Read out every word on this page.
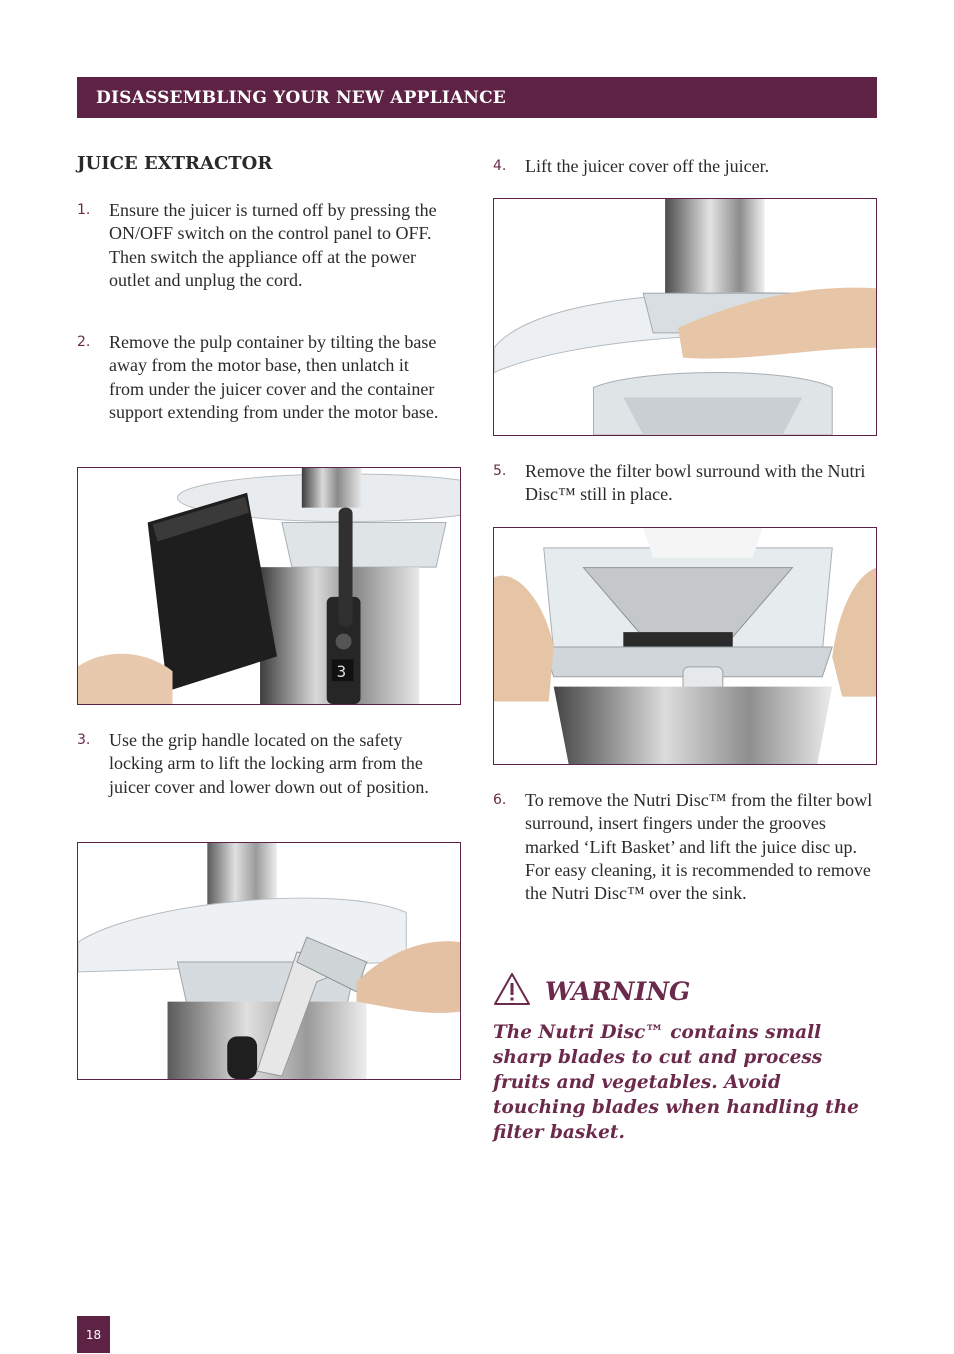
DISASSEMBLING YOUR NEW APPLIANCE
JUICE EXTRACTOR
1. Ensure the juicer is turned off by pressing the ON/OFF switch on the control panel to OFF. Then switch the appliance off at the power outlet and unplug the cord.
2. Remove the pulp container by tilting the base away from the motor base, then unlatch it from under the juicer cover and the container support extending from under the motor base.
3
3. Use the grip handle located on the safety locking arm to lift the locking arm from the juicer cover and lower down out of position.
4. Lift the juicer cover off the juicer.
5. Remove the filter bowl surround with the Nutri Disc™ still in place.
6. To remove the Nutri Disc™ from the filter bowl surround, insert fingers under the grooves marked ‘Lift Basket’ and lift the juice disc up. For easy cleaning, it is recommended to remove the Nutri Disc™ over the sink.
WARNING
The Nutri Disc™ contains small sharp blades to cut and process fruits and vegetables. Avoid touching blades when handling the filter basket.
18
